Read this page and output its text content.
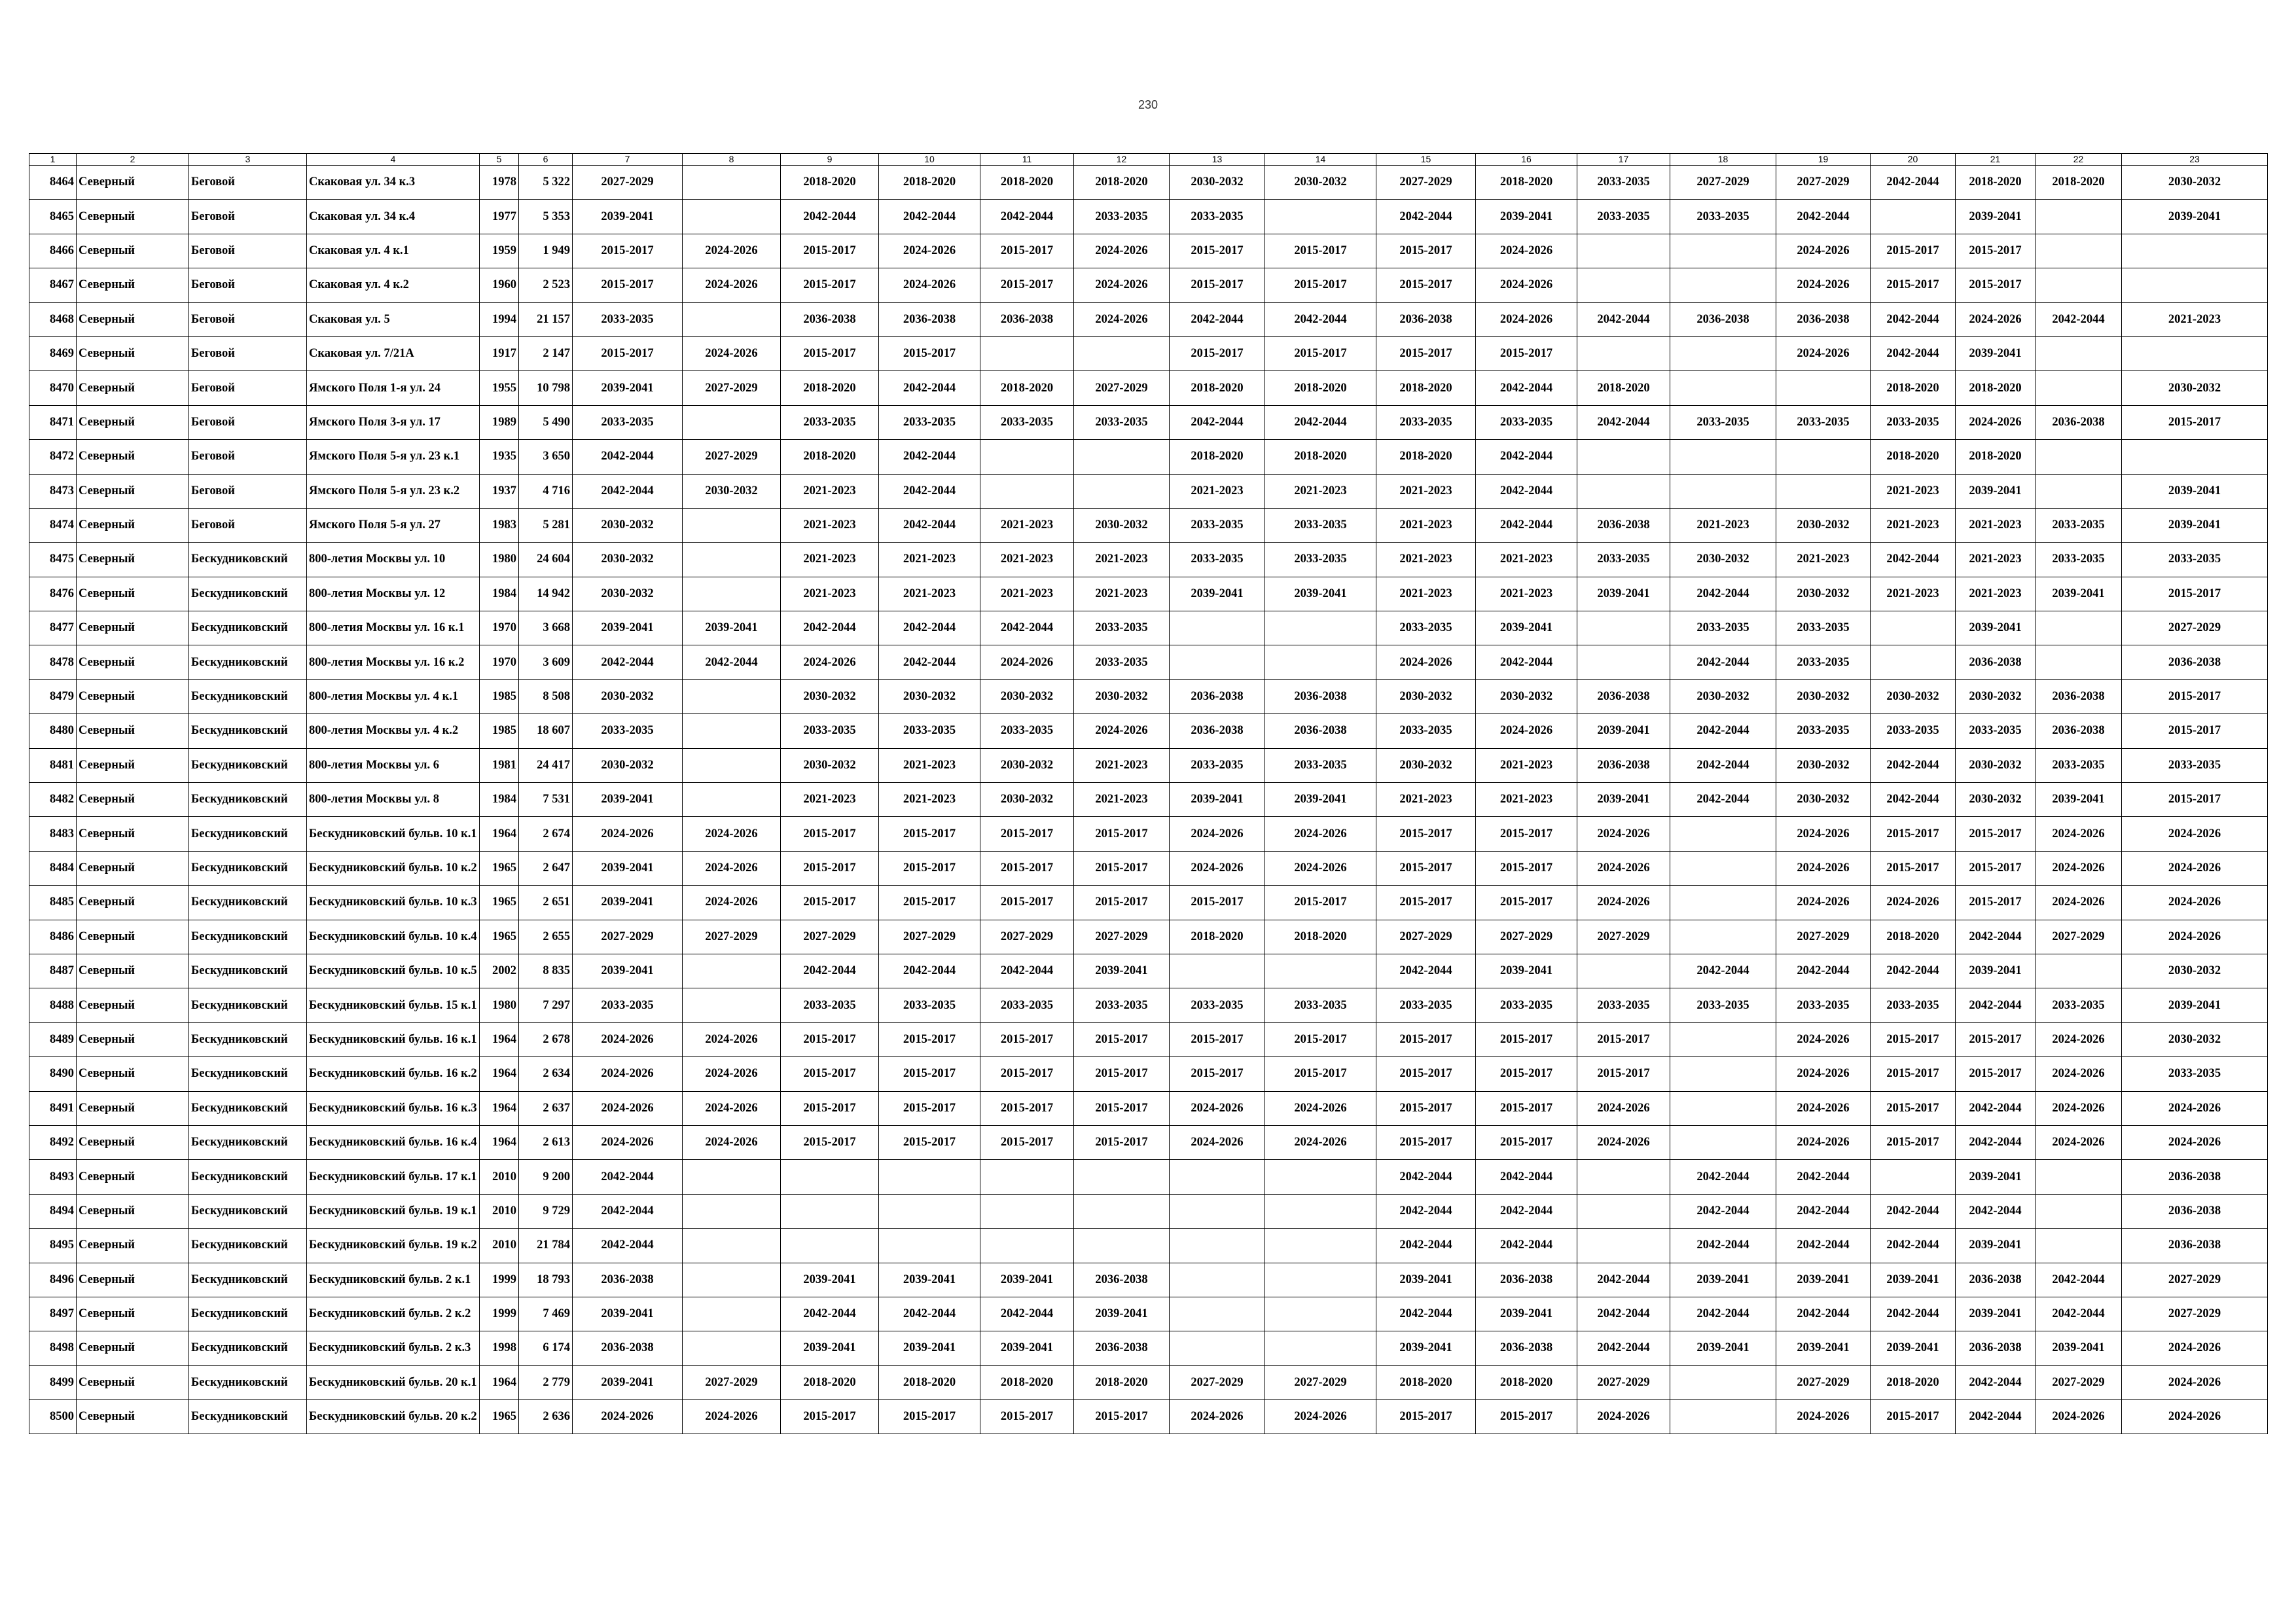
230
1	2	3	4	5	6	7	8	9	10	11	12	13	14	15	16	17	18	19	20	21	22	23
8464	Северный	Беговой	Скаковая ул. 34 к.3	1978	5 322	2027-2029		2018-2020	2018-2020	2018-2020	2018-2020	2030-2032	2030-2032	2027-2029	2018-2020	2033-2035	2027-2029	2027-2029	2042-2044	2018-2020	2018-2020	2030-2032
8465	Северный	Беговой	Скаковая ул. 34 к.4	1977	5 353	2039-2041		2042-2044	2042-2044	2042-2044	2033-2035	2033-2035		2042-2044	2039-2041	2033-2035	2033-2035	2042-2044		2039-2041		2039-2041
8466	Северный	Беговой	Скаковая ул. 4 к.1	1959	1 949	2015-2017	2024-2026	2015-2017	2024-2026	2015-2017	2024-2026	2015-2017	2015-2017	2015-2017	2024-2026			2024-2026	2015-2017	2015-2017		
8467	Северный	Беговой	Скаковая ул. 4 к.2	1960	2 523	2015-2017	2024-2026	2015-2017	2024-2026	2015-2017	2024-2026	2015-2017	2015-2017	2015-2017	2024-2026			2024-2026	2015-2017	2015-2017		
8468	Северный	Беговой	Скаковая ул. 5	1994	21 157	2033-2035		2036-2038	2036-2038	2036-2038	2024-2026	2042-2044	2042-2044	2036-2038	2024-2026	2042-2044	2036-2038	2036-2038	2042-2044	2024-2026	2042-2044	2021-2023
8469	Северный	Беговой	Скаковая ул. 7/21А	1917	2 147	2015-2017	2024-2026	2015-2017	2015-2017			2015-2017	2015-2017	2015-2017	2015-2017			2024-2026	2042-2044	2039-2041		
8470	Северный	Беговой	Ямского Поля 1-я ул. 24	1955	10 798	2039-2041	2027-2029	2018-2020	2042-2044	2018-2020	2027-2029	2018-2020	2018-2020	2018-2020	2042-2044	2018-2020			2018-2020	2018-2020		2030-2032
8471	Северный	Беговой	Ямского Поля 3-я ул. 17	1989	5 490	2033-2035		2033-2035	2033-2035	2033-2035	2033-2035	2042-2044	2042-2044	2033-2035	2033-2035	2042-2044	2033-2035	2033-2035	2033-2035	2024-2026	2036-2038	2015-2017
8472	Северный	Беговой	Ямского Поля 5-я ул. 23 к.1	1935	3 650	2042-2044	2027-2029	2018-2020	2042-2044			2018-2020	2018-2020	2018-2020	2042-2044				2018-2020	2018-2020		
8473	Северный	Беговой	Ямского Поля 5-я ул. 23 к.2	1937	4 716	2042-2044	2030-2032	2021-2023	2042-2044			2021-2023	2021-2023	2021-2023	2042-2044				2021-2023	2039-2041		2039-2041
8474	Северный	Беговой	Ямского Поля 5-я ул. 27	1983	5 281	2030-2032		2021-2023	2042-2044	2021-2023	2030-2032	2033-2035	2033-2035	2021-2023	2042-2044	2036-2038	2021-2023	2030-2032	2021-2023	2021-2023	2033-2035	2039-2041
8475	Северный	Бескудниковский	800-летия Москвы ул. 10	1980	24 604	2030-2032		2021-2023	2021-2023	2021-2023	2021-2023	2033-2035	2033-2035	2021-2023	2021-2023	2033-2035	2030-2032	2021-2023	2042-2044	2021-2023	2033-2035	2033-2035
8476	Северный	Бескудниковский	800-летия Москвы ул. 12	1984	14 942	2030-2032		2021-2023	2021-2023	2021-2023	2021-2023	2039-2041	2039-2041	2021-2023	2021-2023	2039-2041	2042-2044	2030-2032	2021-2023	2021-2023	2039-2041	2015-2017
8477	Северный	Бескудниковский	800-летия Москвы ул. 16 к.1	1970	3 668	2039-2041	2039-2041	2042-2044	2042-2044	2042-2044	2033-2035			2033-2035	2039-2041		2033-2035	2033-2035		2039-2041		2027-2029
8478	Северный	Бескудниковский	800-летия Москвы ул. 16 к.2	1970	3 609	2042-2044	2042-2044	2024-2026	2042-2044	2024-2026	2033-2035			2024-2026	2042-2044		2042-2044	2033-2035		2036-2038		2036-2038
8479	Северный	Бескудниковский	800-летия Москвы ул. 4 к.1	1985	8 508	2030-2032		2030-2032	2030-2032	2030-2032	2030-2032	2036-2038	2036-2038	2030-2032	2030-2032	2036-2038	2030-2032	2030-2032	2030-2032	2030-2032	2036-2038	2015-2017
8480	Северный	Бескудниковский	800-летия Москвы ул. 4 к.2	1985	18 607	2033-2035		2033-2035	2033-2035	2033-2035	2024-2026	2036-2038	2036-2038	2033-2035	2024-2026	2039-2041	2042-2044	2033-2035	2033-2035	2033-2035	2036-2038	2015-2017
8481	Северный	Бескудниковский	800-летия Москвы ул. 6	1981	24 417	2030-2032		2030-2032	2021-2023	2030-2032	2021-2023	2033-2035	2033-2035	2030-2032	2021-2023	2036-2038	2042-2044	2030-2032	2042-2044	2030-2032	2033-2035	2033-2035
8482	Северный	Бескудниковский	800-летия Москвы ул. 8	1984	7 531	2039-2041		2021-2023	2021-2023	2030-2032	2021-2023	2039-2041	2039-2041	2021-2023	2021-2023	2039-2041	2042-2044	2030-2032	2042-2044	2030-2032	2039-2041	2015-2017
8483	Северный	Бескудниковский	Бескудниковский бульв. 10 к.1	1964	2 674	2024-2026	2024-2026	2015-2017	2015-2017	2015-2017	2015-2017	2024-2026	2024-2026	2015-2017	2015-2017	2024-2026		2024-2026	2015-2017	2015-2017	2024-2026	2024-2026
8484	Северный	Бескудниковский	Бескудниковский бульв. 10 к.2	1965	2 647	2039-2041	2024-2026	2015-2017	2015-2017	2015-2017	2015-2017	2024-2026	2024-2026	2015-2017	2015-2017	2024-2026		2024-2026	2015-2017	2015-2017	2024-2026	2024-2026
8485	Северный	Бескудниковский	Бескудниковский бульв. 10 к.3	1965	2 651	2039-2041	2024-2026	2015-2017	2015-2017	2015-2017	2015-2017	2015-2017	2015-2017	2015-2017	2015-2017	2024-2026		2024-2026	2024-2026	2015-2017	2024-2026	2024-2026
8486	Северный	Бескудниковский	Бескудниковский бульв. 10 к.4	1965	2 655	2027-2029	2027-2029	2027-2029	2027-2029	2027-2029	2027-2029	2018-2020	2018-2020	2027-2029	2027-2029	2027-2029		2027-2029	2018-2020	2042-2044	2027-2029	2024-2026
8487	Северный	Бескудниковский	Бескудниковский бульв. 10 к.5	2002	8 835	2039-2041		2042-2044	2042-2044	2042-2044	2039-2041			2042-2044	2039-2041		2042-2044	2042-2044	2042-2044	2039-2041		2030-2032
8488	Северный	Бескудниковский	Бескудниковский бульв. 15 к.1	1980	7 297	2033-2035		2033-2035	2033-2035	2033-2035	2033-2035	2033-2035	2033-2035	2033-2035	2033-2035	2033-2035	2033-2035	2033-2035	2033-2035	2042-2044	2033-2035	2039-2041
8489	Северный	Бескудниковский	Бескудниковский бульв. 16 к.1	1964	2 678	2024-2026	2024-2026	2015-2017	2015-2017	2015-2017	2015-2017	2015-2017	2015-2017	2015-2017	2015-2017	2015-2017		2024-2026	2015-2017	2015-2017	2024-2026	2030-2032
8490	Северный	Бескудниковский	Бескудниковский бульв. 16 к.2	1964	2 634	2024-2026	2024-2026	2015-2017	2015-2017	2015-2017	2015-2017	2015-2017	2015-2017	2015-2017	2015-2017	2015-2017		2024-2026	2015-2017	2015-2017	2024-2026	2033-2035
8491	Северный	Бескудниковский	Бескудниковский бульв. 16 к.3	1964	2 637	2024-2026	2024-2026	2015-2017	2015-2017	2015-2017	2015-2017	2024-2026	2024-2026	2015-2017	2015-2017	2024-2026		2024-2026	2015-2017	2042-2044	2024-2026	2024-2026
8492	Северный	Бескудниковский	Бескудниковский бульв. 16 к.4	1964	2 613	2024-2026	2024-2026	2015-2017	2015-2017	2015-2017	2015-2017	2024-2026	2024-2026	2015-2017	2015-2017	2024-2026		2024-2026	2015-2017	2042-2044	2024-2026	2024-2026
8493	Северный	Бескудниковский	Бескудниковский бульв. 17 к.1	2010	9 200	2042-2044								2042-2044	2042-2044		2042-2044	2042-2044		2039-2041		2036-2038
8494	Северный	Бескудниковский	Бескудниковский бульв. 19 к.1	2010	9 729	2042-2044								2042-2044	2042-2044		2042-2044	2042-2044	2042-2044	2042-2044		2036-2038
8495	Северный	Бескудниковский	Бескудниковский бульв. 19 к.2	2010	21 784	2042-2044								2042-2044	2042-2044		2042-2044	2042-2044	2042-2044	2039-2041		2036-2038
8496	Северный	Бескудниковский	Бескудниковский бульв. 2 к.1	1999	18 793	2036-2038		2039-2041	2039-2041	2039-2041	2036-2038			2039-2041	2036-2038	2042-2044	2039-2041	2039-2041	2039-2041	2036-2038	2042-2044	2027-2029
8497	Северный	Бескудниковский	Бескудниковский бульв. 2 к.2	1999	7 469	2039-2041		2042-2044	2042-2044	2042-2044	2039-2041			2042-2044	2039-2041	2042-2044	2042-2044	2042-2044	2042-2044	2039-2041	2042-2044	2027-2029
8498	Северный	Бескудниковский	Бескудниковский бульв. 2 к.3	1998	6 174	2036-2038		2039-2041	2039-2041	2039-2041	2036-2038			2039-2041	2036-2038	2042-2044	2039-2041	2039-2041	2039-2041	2036-2038	2039-2041	2024-2026
8499	Северный	Бескудниковский	Бескудниковский бульв. 20 к.1	1964	2 779	2039-2041	2027-2029	2018-2020	2018-2020	2018-2020	2018-2020	2027-2029	2027-2029	2018-2020	2018-2020	2027-2029		2027-2029	2018-2020	2042-2044	2027-2029	2024-2026
8500	Северный	Бескудниковский	Бескудниковский бульв. 20 к.2	1965	2 636	2024-2026	2024-2026	2015-2017	2015-2017	2015-2017	2015-2017	2024-2026	2024-2026	2015-2017	2015-2017	2024-2026		2024-2026	2015-2017	2042-2044	2024-2026	2024-2026
